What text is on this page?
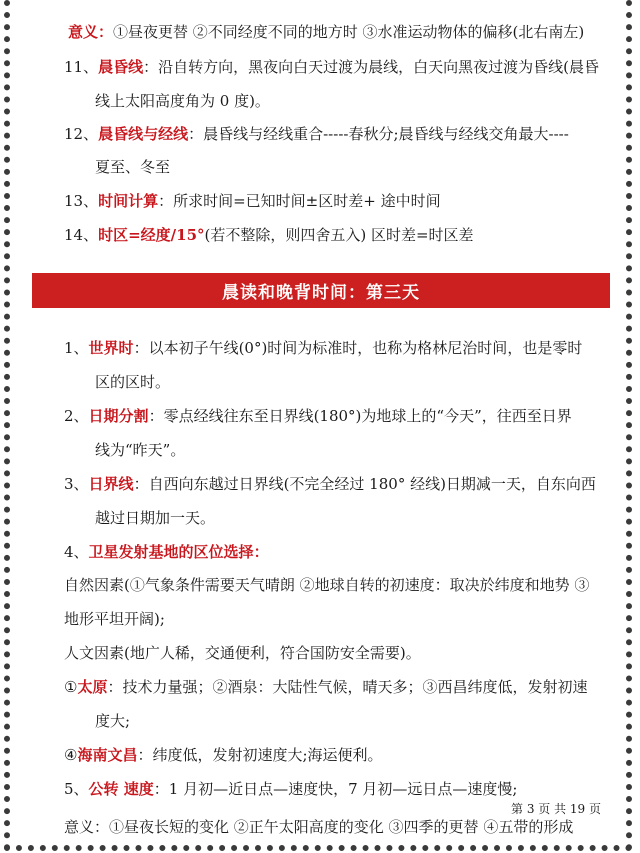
意义：①昼夜更替 ②不同经度不同的地方时 ③水准运动物体的偏移(北右南左)
11、晨昏线：沿自转方向，黑夜向白天过渡为晨线，白天向黑夜过渡为昏线(晨昏
线上太阳高度角为 0 度)。
12、晨昏线与经线：晨昏线与经线重合-----春秋分;晨昏线与经线交角最大----
夏至、冬至
13、时间计算：所求时间=已知时间±区时差+ 途中时间
14、时区=经度/15°(若不整除，则四舍五入) 区时差=时区差
晨读和晚背时间：第三天
1、世界时：以本初子午线(0°)时间为标准时，也称为格林尼治时间，也是零时
区的区时。
2、日期分割：零点经线往东至日界线(180°)为地球上的“今天”，往西至日界
线为“昨天”。
3、日界线：自西向东越过日界线(不完全经过 180° 经线)日期减一天，自东向西
越过日期加一天。
4、卫星发射基地的区位选择：
自然因素(①气象条件需要天气晴朗 ②地球自转的初速度：取决於纬度和地势 ③
地形平坦开阔);
人文因素(地广人稀，交通便利，符合国防安全需要)。
①太原：技术力量强；②酒泉：大陆性气候，晴天多；③西昌纬度低，发射初速
度大;
④海南文昌：纬度低，发射初速度大;海运便利。
5、公转 速度：1 月初—近日点—速度快，7 月初—远日点—速度慢;
第 3 页 共 19 页
意义：①昼夜长短的变化 ②正午太阳高度的变化 ③四季的更替 ④五带的形成
